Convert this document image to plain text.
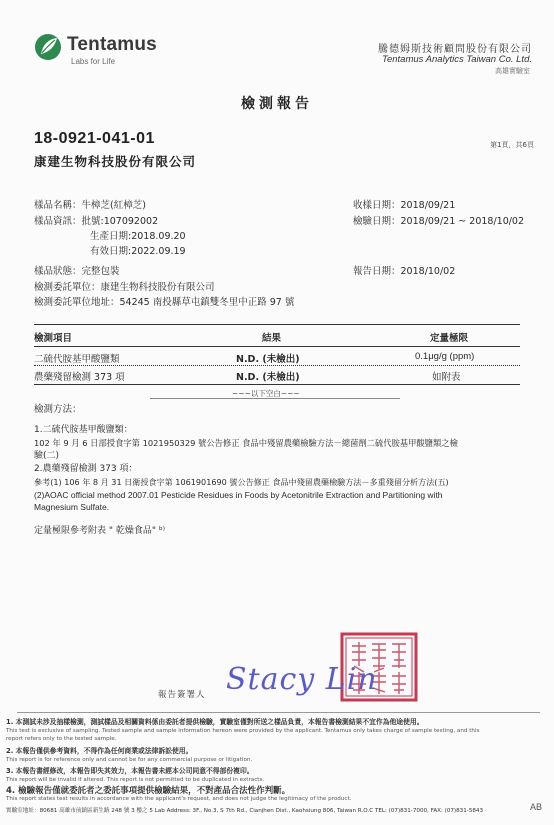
Tentamus
Labs for Life
騰德姆斯技術顧問股份有限公司
Tentamus Analytics Taiwan Co. Ltd.
高雄實驗室
檢測報告
18-0921-041-01	第1頁，共6頁
康建生物科技股份有限公司
樣品名稱：牛樟芝(紅樟芝)
樣品資訊：批號:107092002
生產日期:2018.09.20
有效日期:2022.09.19
樣品狀態：完整包裝
檢測委託單位：康建生物科技股份有限公司
檢測委託單位地址：54245 南投縣草屯鎮雙冬里中正路 97 號
收樣日期：2018/09/21
檢驗日期：2018/09/21 ~ 2018/10/02
報告日期：2018/10/02
檢測項目	結果	定量極限
二硫代胺基甲酸鹽類	N.D. (未檢出)	0.1μg/g (ppm)
農藥殘留檢測 373 項	N.D. (未檢出)	如附表
~~~以下空白~~~
檢測方法：
1.二硫代胺基甲酸鹽類：
102 年 9 月 6 日部授食字第 1021950329 號公告修正 食品中殘留農藥檢驗方法－總菌劑二硫代胺基甲酸鹽類之檢
驗(二)
2.農藥殘留檢測 373 項：
參考(1) 106 年 8 月 31 日衛授食字第 1061901690 號公告修正 食品中殘留農藥檢驗方法－多重殘留分析方法(五)
(2)AOAC official method 2007.01 Pesticide Residues in Foods by Acetonitrile Extraction and Partitioning with
Magnesium Sulfate.
定量極限參考附表 " 乾燥食品" ᵇ⁾
報告簽署人 Stacy Lin
1. 本測試未涉及抽樣檢測，測試樣品及相關資料係由委託者提供檢驗，實驗室僅對所送之樣品負責，本報告書檢測結果不宜作為他途使用。
This test is exclusive of sampling. Tested sample and sample information hereon were provided by the applicant. Tentamus only takes charge of sample testing, and this
report refers only to the tested sample.
2. 本報告僅供參考資料，不得作為任何商業或法律訴訟使用。
This report is for reference only and cannot be for any commercial purpose or litigation.
3. 本報告書經修改，本報告即失其效力，本報告書未經本公司同意不得部份複印。
This report will be invalid if altered. This report is not permitted to be duplicated in extracts.
4. 檢驗報告僅就委託者之委託事項提供檢驗結果，不對產品合法性作判斷。
This report states test results in accordance with the applicant's request, and does not judge the legitimacy of the product.
實驗室地址：80681 高雄市前鎮區新生路 248 號 3 樓之 5 Lab Address: 3F., No.3, S 7th Rd., Cianjhen Dist., Kaohsiung 806, Taiwan R.O.C TEL: (07)831-7000, FAX: (07)831-5843	AB
